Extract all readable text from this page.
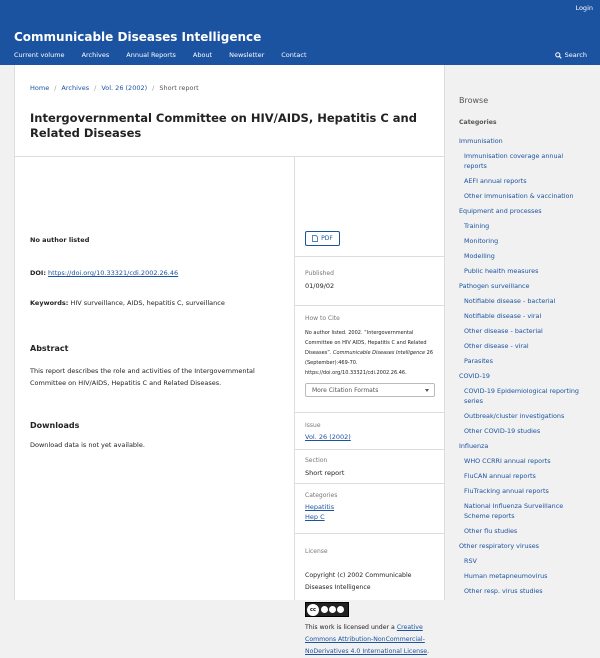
Login
Communicable Diseases Intelligence
Current volume	Archives	Annual Reports	About	Newsletter	Contact	Search
Home / Archives / Vol. 26 (2002) / Short report
Intergovernmental Committee on HIV/AIDS, Hepatitis C and Related Diseases
No author listed
DOI: https://doi.org/10.33321/cdi.2002.26.46
Keywords: HIV surveillance, AIDS, hepatitis C, surveillance
Abstract

This report describes the role and activities of the Intergovernmental Committee on HIV/AIDS, Hepatitis C and Related Diseases.

Downloads

Download data is not yet available.

PDF
Published
01/09/02
How to Cite
No author listed. 2002. “Intergovernmental Committee on HIV AIDS, Hepatitis C and Related Diseases”. Communicable Diseases Intelligence 26 (September):469-70. https://doi.org/10.33321/cdi.2002.26.46.
More Citation Formats
Issue
Vol. 26 (2002)
Section
Short report
Categories
Hepatitis
Hep C
License
Copyright (c) 2002 Communicable Diseases Intelligence
cc
This work is licensed under a Creative Commons Attribution-NonCommercial-NoDerivatives 4.0 International License.
Browse
Categories
Immunisation
Immunisation coverage annual reports
AEFI annual reports
Other immunisation & vaccination
Equipment and processes
Training
Monitoring
Modelling
Public health measures
Pathogen surveillance
Notifiable disease - bacterial
Notifiable disease - viral
Other disease - bacterial
Other disease - viral
Parasites
COVID-19
COVID-19 Epidemiological reporting series
Outbreak/cluster investigations
Other COVID-19 studies
Influenza
WHO CCRRI annual reports
FluCAN annual reports
FluTracking annual reports
National Influenza Surveillance Scheme reports
Other flu studies
Other respiratory viruses
RSV
Human metapneumovirus
Other resp. virus studies
